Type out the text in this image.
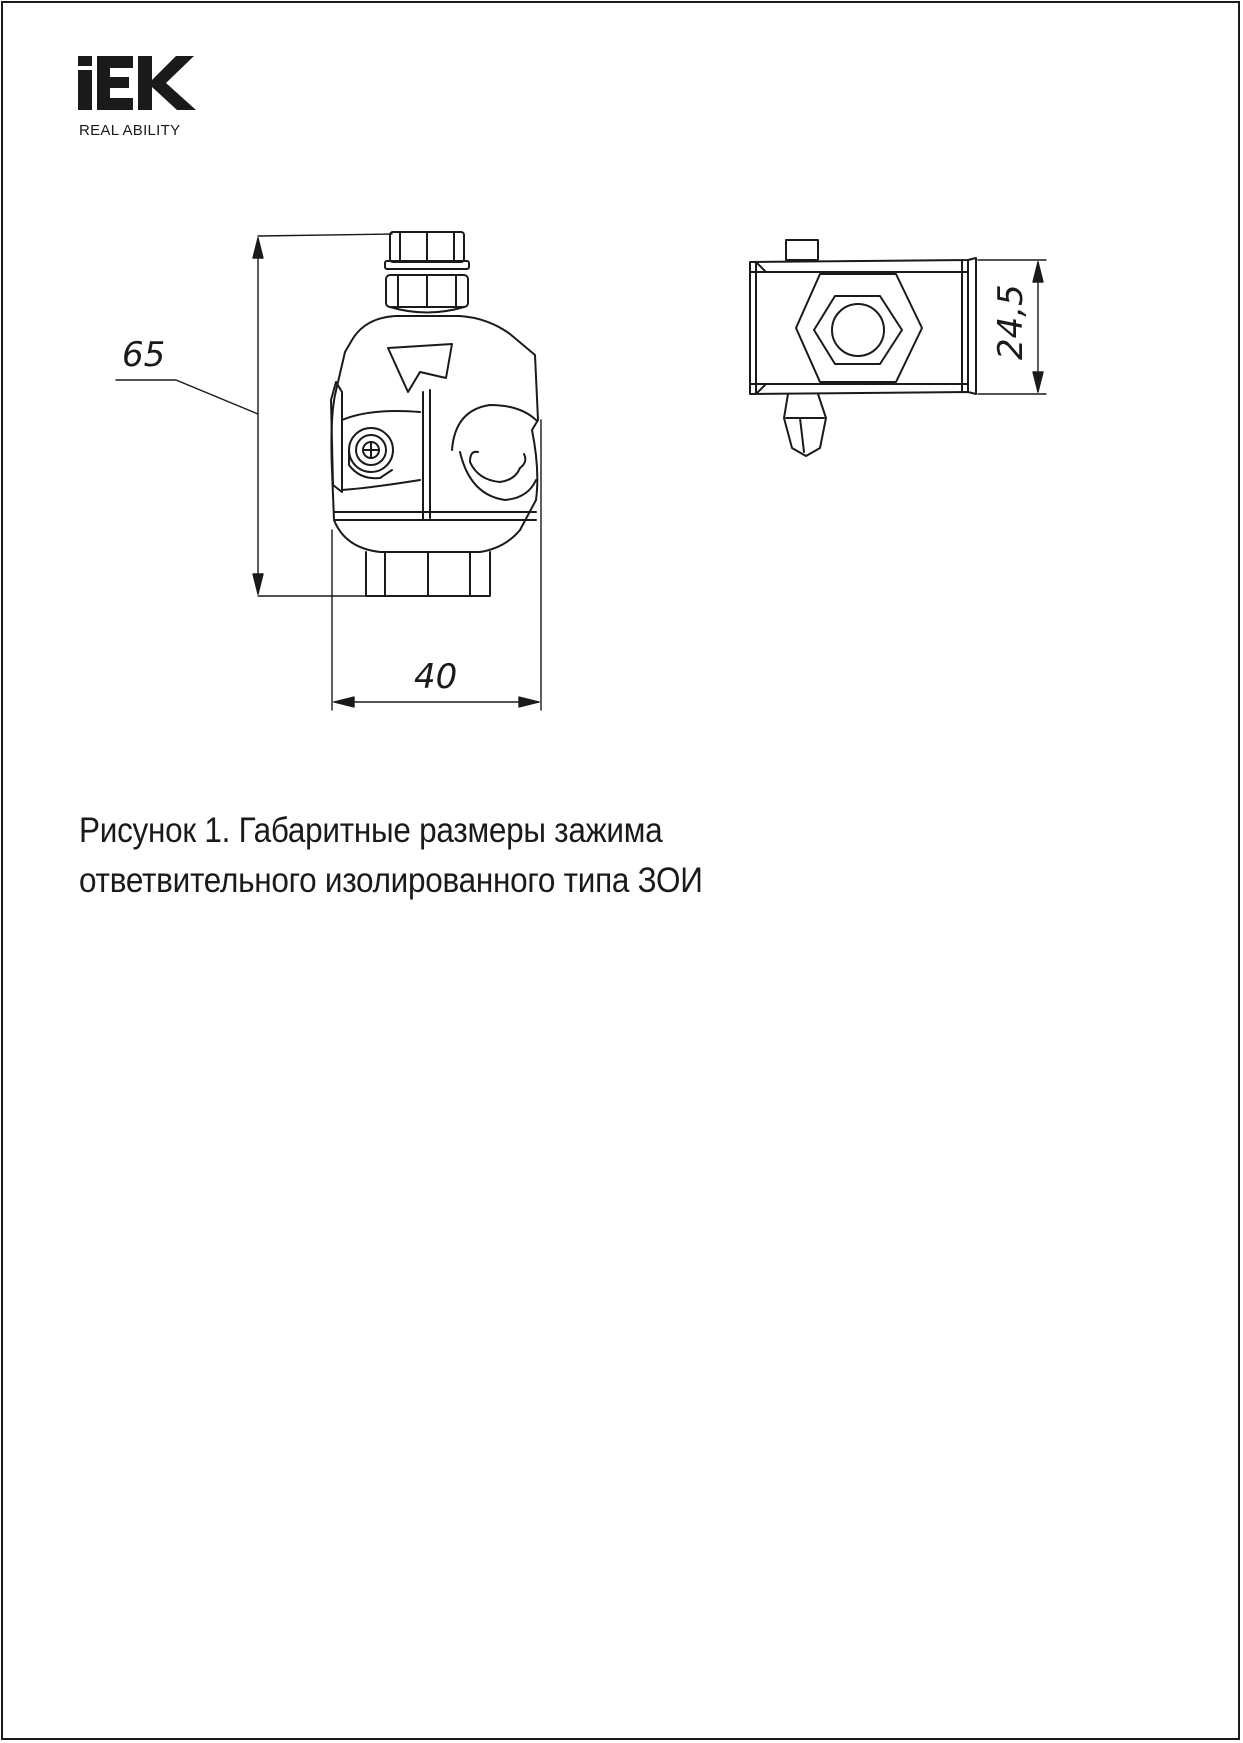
REAL ABILITY
65
40
24,5
Рисунок 1. Габаритные размеры зажима
ответвительного изолированного типа ЗОИ
